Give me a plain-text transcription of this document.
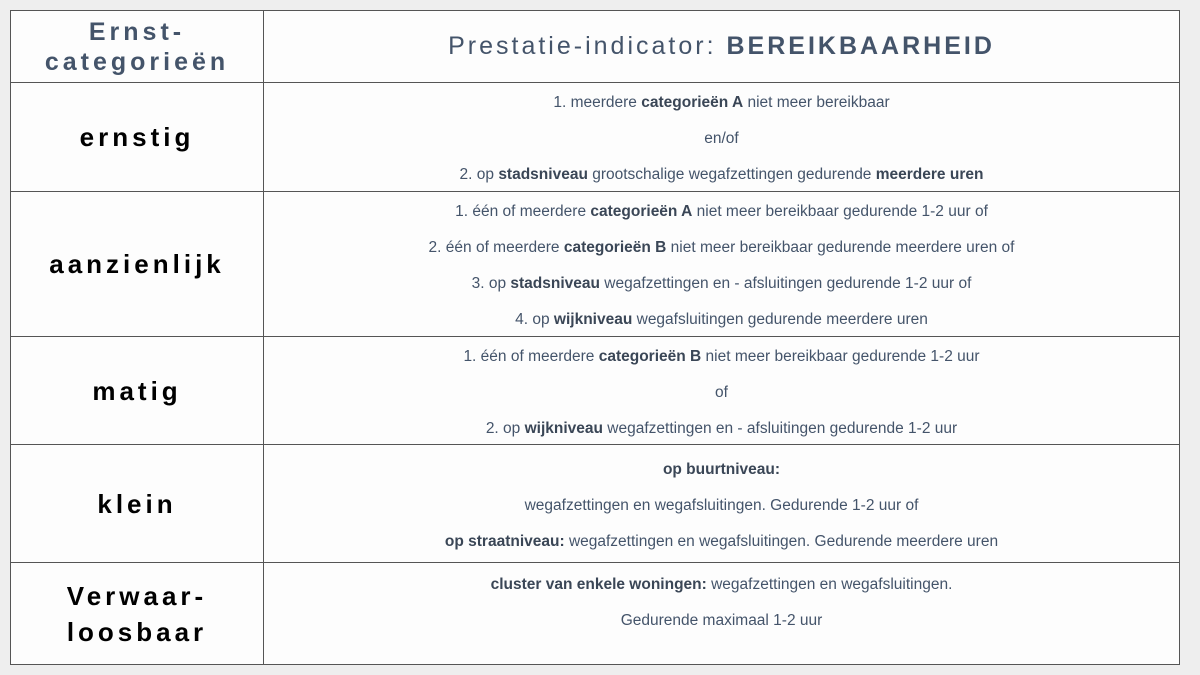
Ernst-
categorieën
Prestatie-indicator: BEREIKBAARHEID
ernstig
1. meerdere categorieën A niet meer bereikbaar
en/of
2. op stadsniveau grootschalige wegafzettingen gedurende meerdere uren
aanzienlijk
1. één of meerdere categorieën A niet meer bereikbaar gedurende 1-2 uur of
2. één of meerdere categorieën B niet meer bereikbaar gedurende meerdere uren of
3. op stadsniveau wegafzettingen en - afsluitingen gedurende 1-2 uur of
4. op wijkniveau wegafsluitingen gedurende meerdere uren
matig
1. één of meerdere categorieën B niet meer bereikbaar gedurende 1-2 uur
of
2. op wijkniveau wegafzettingen en - afsluitingen gedurende 1-2 uur
klein
op buurtniveau:
wegafzettingen en wegafsluitingen. Gedurende 1-2 uur of
op straatniveau: wegafzettingen en wegafsluitingen. Gedurende meerdere uren
Verwaar-
loosbaar
cluster van enkele woningen: wegafzettingen en wegafsluitingen.
Gedurende maximaal 1-2 uur
